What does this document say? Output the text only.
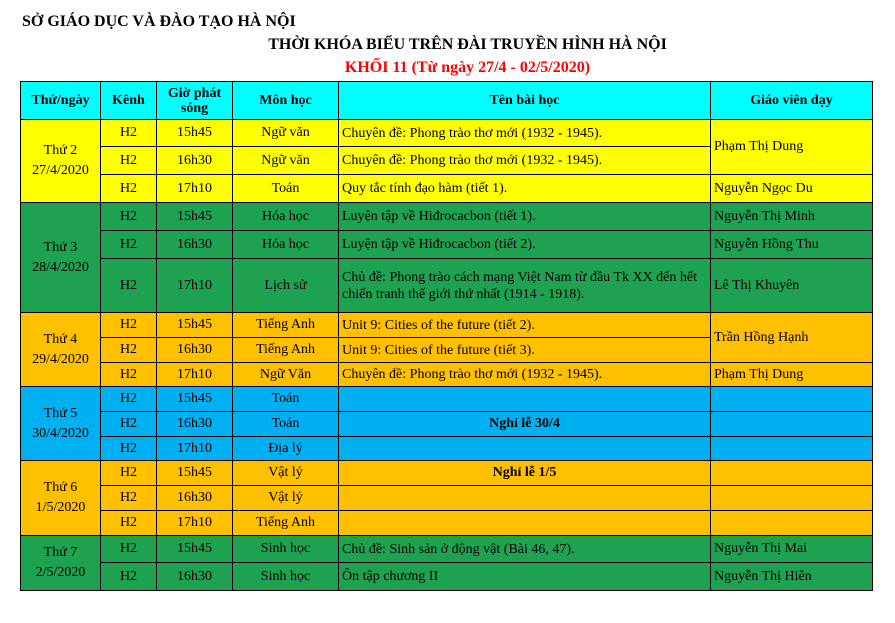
SỞ GIÁO DỤC VÀ ĐÀO TẠO HÀ NỘI
THỜI KHÓA BIỂU TRÊN ĐÀI TRUYỀN HÌNH HÀ NỘI
KHỐI 11 (Từ ngày 27/4 - 02/5/2020)
Thứ/ngày	Kênh	Giờ phát sóng	Môn học	Tên bài học	Giáo viên dạy

Thứ 2
27/4/2020	H2	15h45	Ngữ văn	Chuyên đề: Phong trào thơ mới (1932 - 1945).	Phạm Thị Dung
	H2	16h30	Ngữ văn	Chuyên đề: Phong trào thơ mới (1932 - 1945).	
	H2	17h10	Toán	Quy tắc tính đạo hàm (tiết 1).	Nguyễn Ngọc Du

Thứ 3
28/4/2020	H2	15h45	Hóa học	Luyện tập về Hiđrocacbon (tiết 1).	Nguyễn Thị Minh
	H2	16h30	Hóa học	Luyện tập về Hiđrocacbon (tiết 2).	Nguyễn Hồng Thu
	H2	17h10	Lịch sử	Chủ đề: Phong trào cách mạng Việt Nam từ đầu Tk XX đến hết chiến tranh thế giới thứ nhất (1914 - 1918).	Lê Thị Khuyên

Thứ 4
29/4/2020	H2	15h45	Tiếng Anh	Unit 9: Cities of the future (tiết 2).	Trần Hồng Hạnh
	H2	16h30	Tiếng Anh	Unit 9: Cities of the future (tiết 3).	
	H2	17h10	Ngữ Văn	Chuyên đề: Phong trào thơ mới (1932 - 1945).	Phạm Thị Dung

Thứ 5
30/4/2020	H2	15h45	Toán		
	H2	16h30	Toán	Nghỉ lễ 30/4	
	H2	17h10	Địa lý		

Thứ 6
1/5/2020	H2	15h45	Vật lý	Nghỉ lễ 1/5	
	H2	16h30	Vật lý		
	H2	17h10	Tiếng Anh		

Thứ 7
2/5/2020	H2	15h45	Sinh học	Chủ đề: Sinh sản ở động vật (Bài 46, 47).	Nguyễn Thị Mai
	H2	16h30	Sinh học	Ôn tập chương II	Nguyễn Thị Hiên
